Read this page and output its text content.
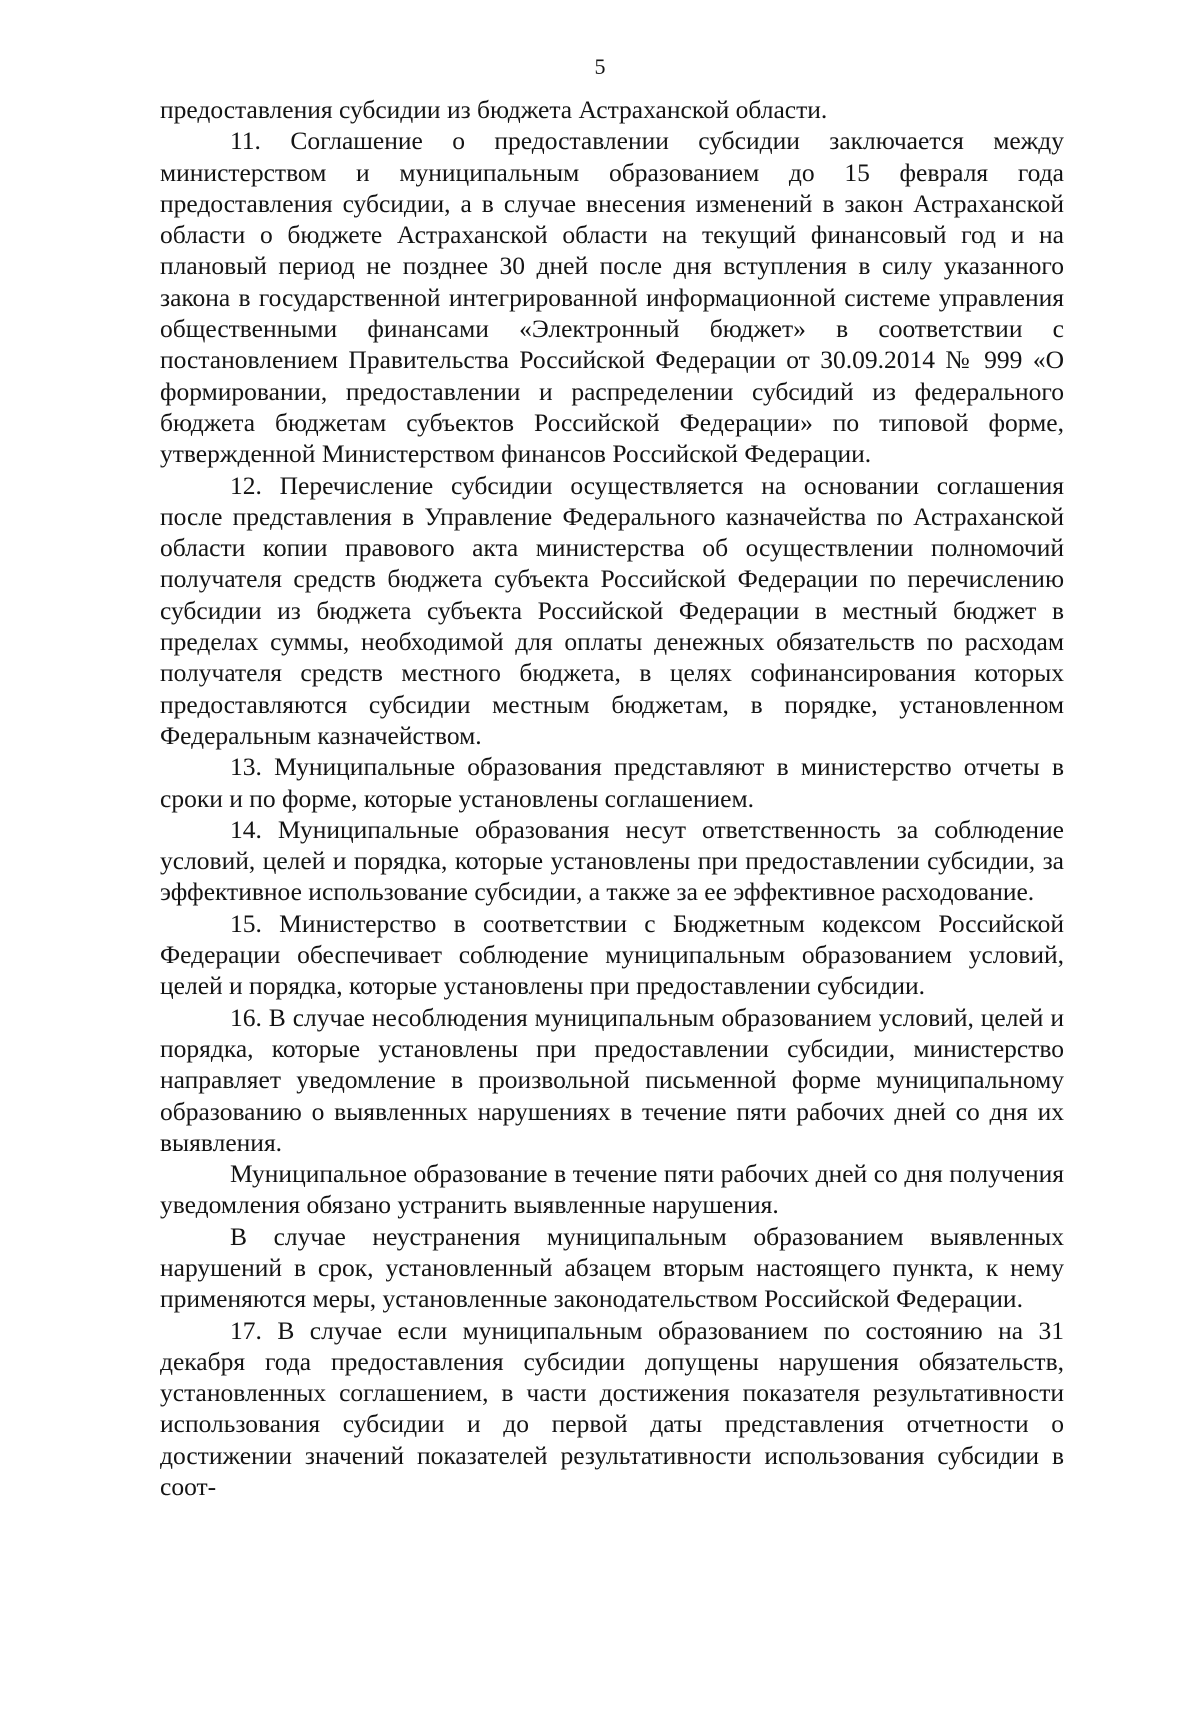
5

предоставления субсидии из бюджета Астраханской области.

11. Соглашение о предоставлении субсидии заключается между министерством и муниципальным образованием до 15 февраля года предоставления субсидии, а в случае внесения изменений в закон Астраханской области о бюджете Астраханской области на текущий финансовый год и на плановый период не позднее 30 дней после дня вступления в силу указанного закона в государственной интегрированной информационной системе управления общественными финансами «Электронный бюджет» в соответствии с постановлением Правительства Российской Федерации от 30.09.2014 № 999 «О формировании, предоставлении и распределении субсидий из федерального бюджета бюджетам субъектов Российской Федерации» по типовой форме, утвержденной Министерством финансов Российской Федерации.

12. Перечисление субсидии осуществляется на основании соглашения после представления в Управление Федерального казначейства по Астраханской области копии правового акта министерства об осуществлении полномочий получателя средств бюджета субъекта Российской Федерации по перечислению субсидии из бюджета субъекта Российской Федерации в местный бюджет в пределах суммы, необходимой для оплаты денежных обязательств по расходам получателя средств местного бюджета, в целях софинансирования которых предоставляются субсидии местным бюджетам, в порядке, установленном Федеральным казначейством.

13. Муниципальные образования представляют в министерство отчеты в сроки и по форме, которые установлены соглашением.

14. Муниципальные образования несут ответственность за соблюдение условий, целей и порядка, которые установлены при предоставлении субсидии, за эффективное использование субсидии, а также за ее эффективное расходование.

15. Министерство в соответствии с Бюджетным кодексом Российской Федерации обеспечивает соблюдение муниципальным образованием условий, целей и порядка, которые установлены при предоставлении субсидии.

16. В случае несоблюдения муниципальным образованием условий, целей и порядка, которые установлены при предоставлении субсидии, министерство направляет уведомление в произвольной письменной форме муниципальному образованию о выявленных нарушениях в течение пяти рабочих дней со дня их выявления.

Муниципальное образование в течение пяти рабочих дней со дня получения уведомления обязано устранить выявленные нарушения.

В случае неустранения муниципальным образованием выявленных нарушений в срок, установленный абзацем вторым настоящего пункта, к нему применяются меры, установленные законодательством Российской Федерации.

17. В случае если муниципальным образованием по состоянию на 31 декабря года предоставления субсидии допущены нарушения обязательств, установленных соглашением, в части достижения показателя результативности использования субсидии и до первой даты представления отчетности о достижении значений показателей результативности использования субсидии в соот-
